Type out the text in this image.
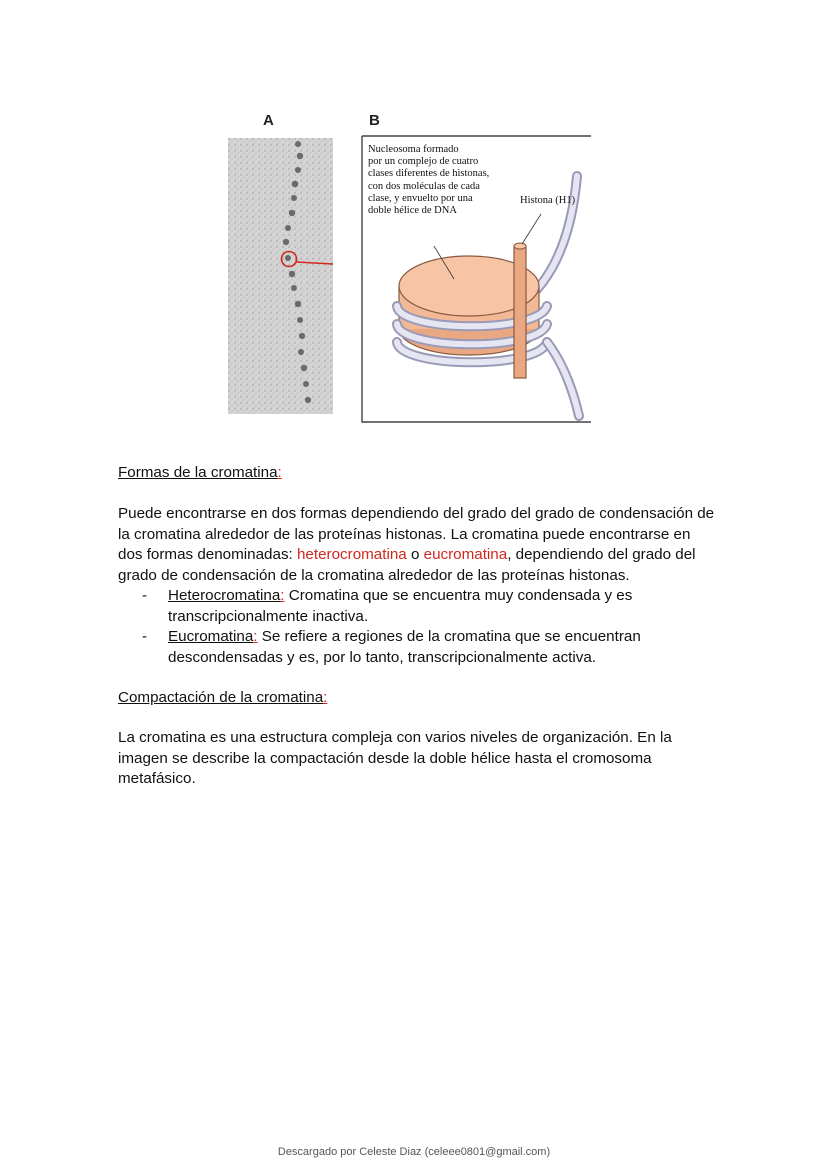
A	B
Nucleosoma formado
por un complejo de cuatro
clases diferentes de histonas,
con dos moléculas de cada
clase, y envuelto por una
doble hélice de DNA
Histona (H1)
Formas de la cromatina:
Puede encontrarse en dos formas dependiendo del grado del grado de condensación de la cromatina alrededor de las proteínas histonas. La cromatina puede encontrarse en dos formas denominadas: heterocromatina o eucromatina, dependiendo del grado del grado de condensación de la cromatina alrededor de las proteínas histonas.
- Heterocromatina: Cromatina que se encuentra muy condensada y es transcripcionalmente inactiva.
- Eucromatina: Se refiere a regiones de la cromatina que se encuentran descondensadas y es, por lo tanto, transcripcionalmente activa.
Compactación de la cromatina:
La cromatina es una estructura compleja con varios niveles de organización. En la imagen se describe la compactación desde la doble hélice hasta el cromosoma metafásico.
Descargado por Celeste Diaz (celeee0801@gmail.com)
